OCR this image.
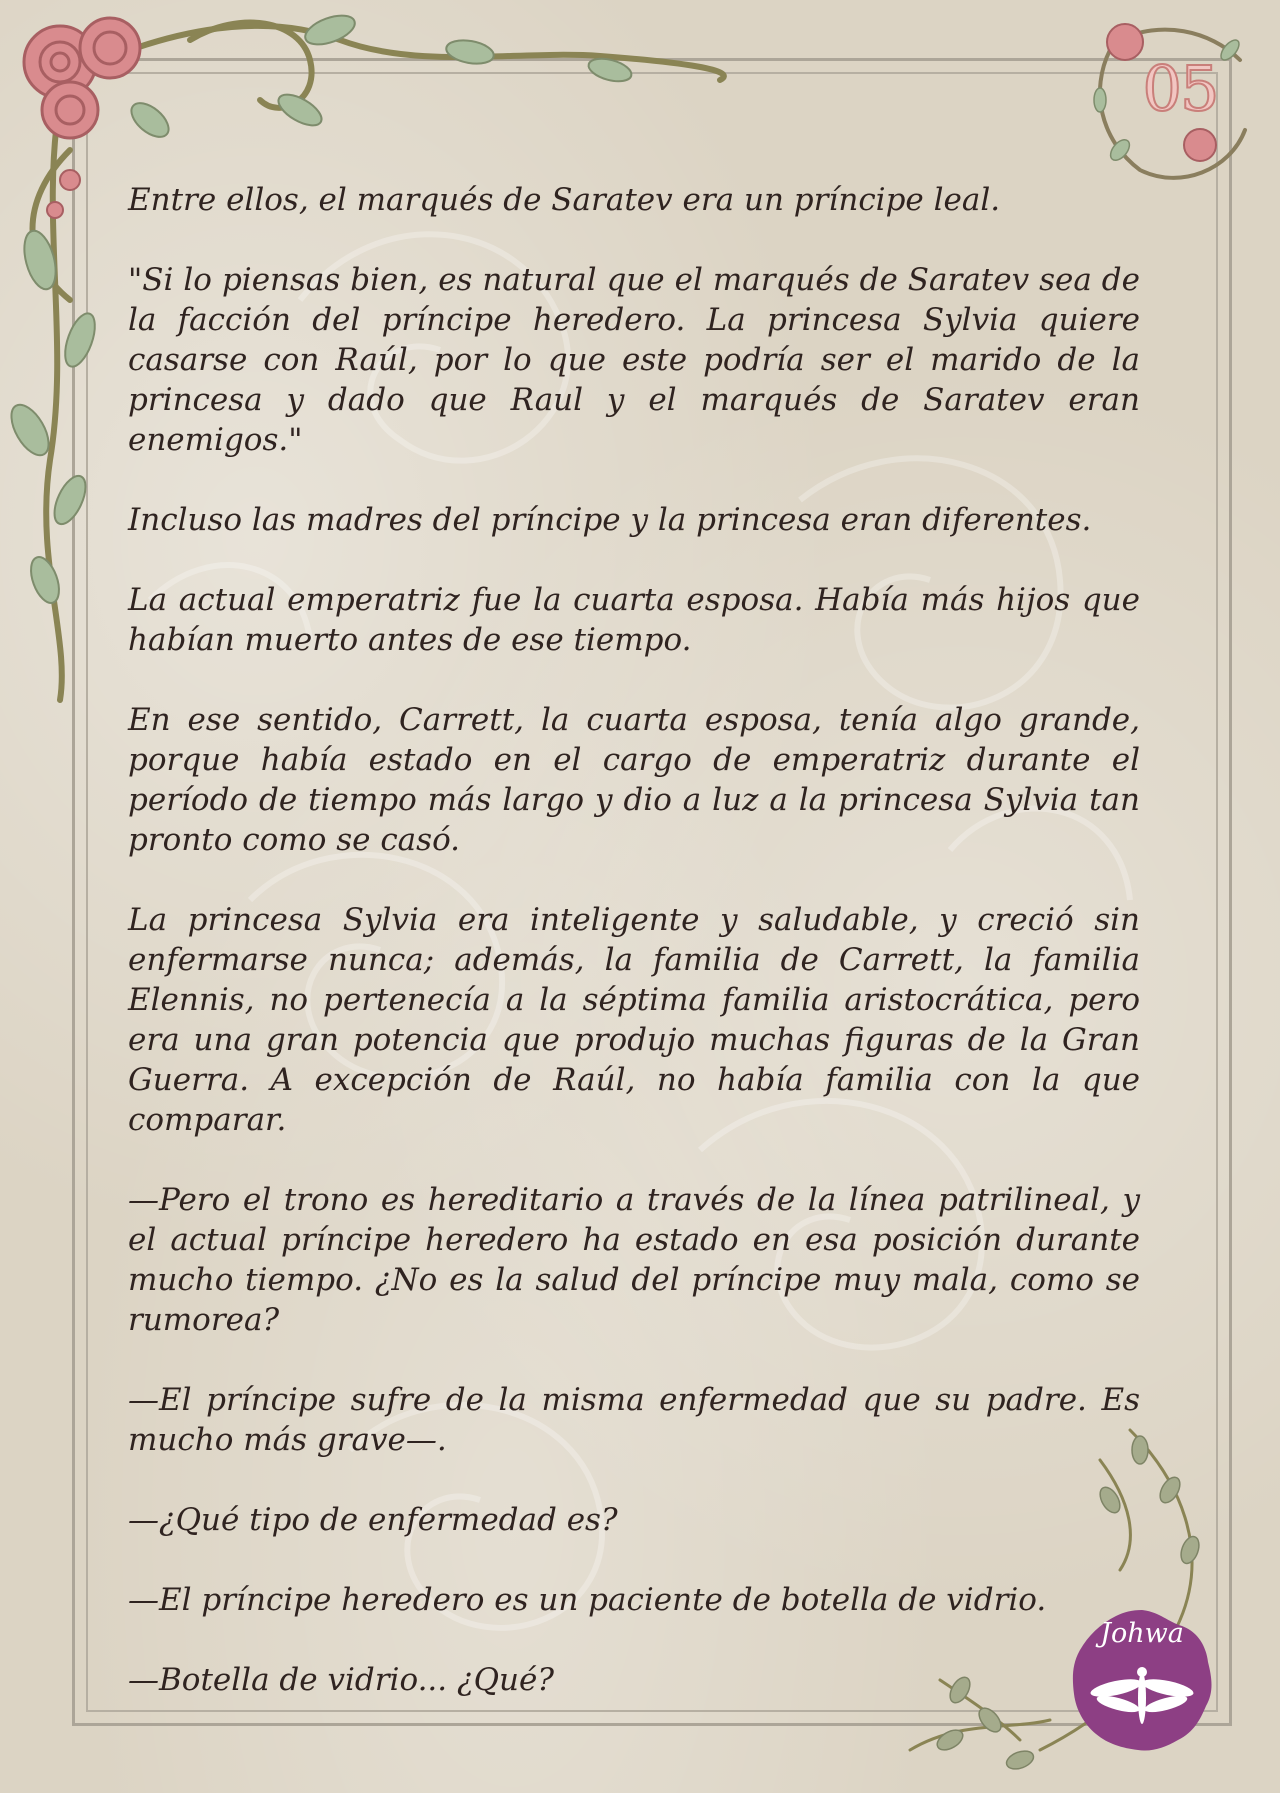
05
Johwa

Entre ellos, el marqués de Saratev era un príncipe leal.

"Si lo piensas bien, es natural que el marqués de Saratev sea de la facción del príncipe heredero. La princesa Sylvia quiere casarse con Raúl, por lo que este podría ser el marido de la princesa y dado que Raul y el marqués de Saratev eran enemigos."

Incluso las madres del príncipe y la princesa eran diferentes.

La actual emperatriz fue la cuarta esposa. Había más hijos que habían muerto antes de ese tiempo.

En ese sentido, Carrett, la cuarta esposa, tenía algo grande, porque había estado en el cargo de emperatriz durante el período de tiempo más largo y dio a luz a la princesa Sylvia tan pronto como se casó.

La princesa Sylvia era inteligente y saludable, y creció sin enfermarse nunca; además, la familia de Carrett, la familia Elennis, no pertenecía a la séptima familia aristocrática, pero era una gran potencia que produjo muchas figuras de la Gran Guerra. A excepción de Raúl, no había familia con la que comparar.

—Pero el trono es hereditario a través de la línea patrilineal, y el actual príncipe heredero ha estado en esa posición durante mucho tiempo. ¿No es la salud del príncipe muy mala, como se rumorea?

—El príncipe sufre de la misma enfermedad que su padre. Es mucho más grave—.

—¿Qué tipo de enfermedad es?

—El príncipe heredero es un paciente de botella de vidrio.

—Botella de vidrio... ¿Qué?
